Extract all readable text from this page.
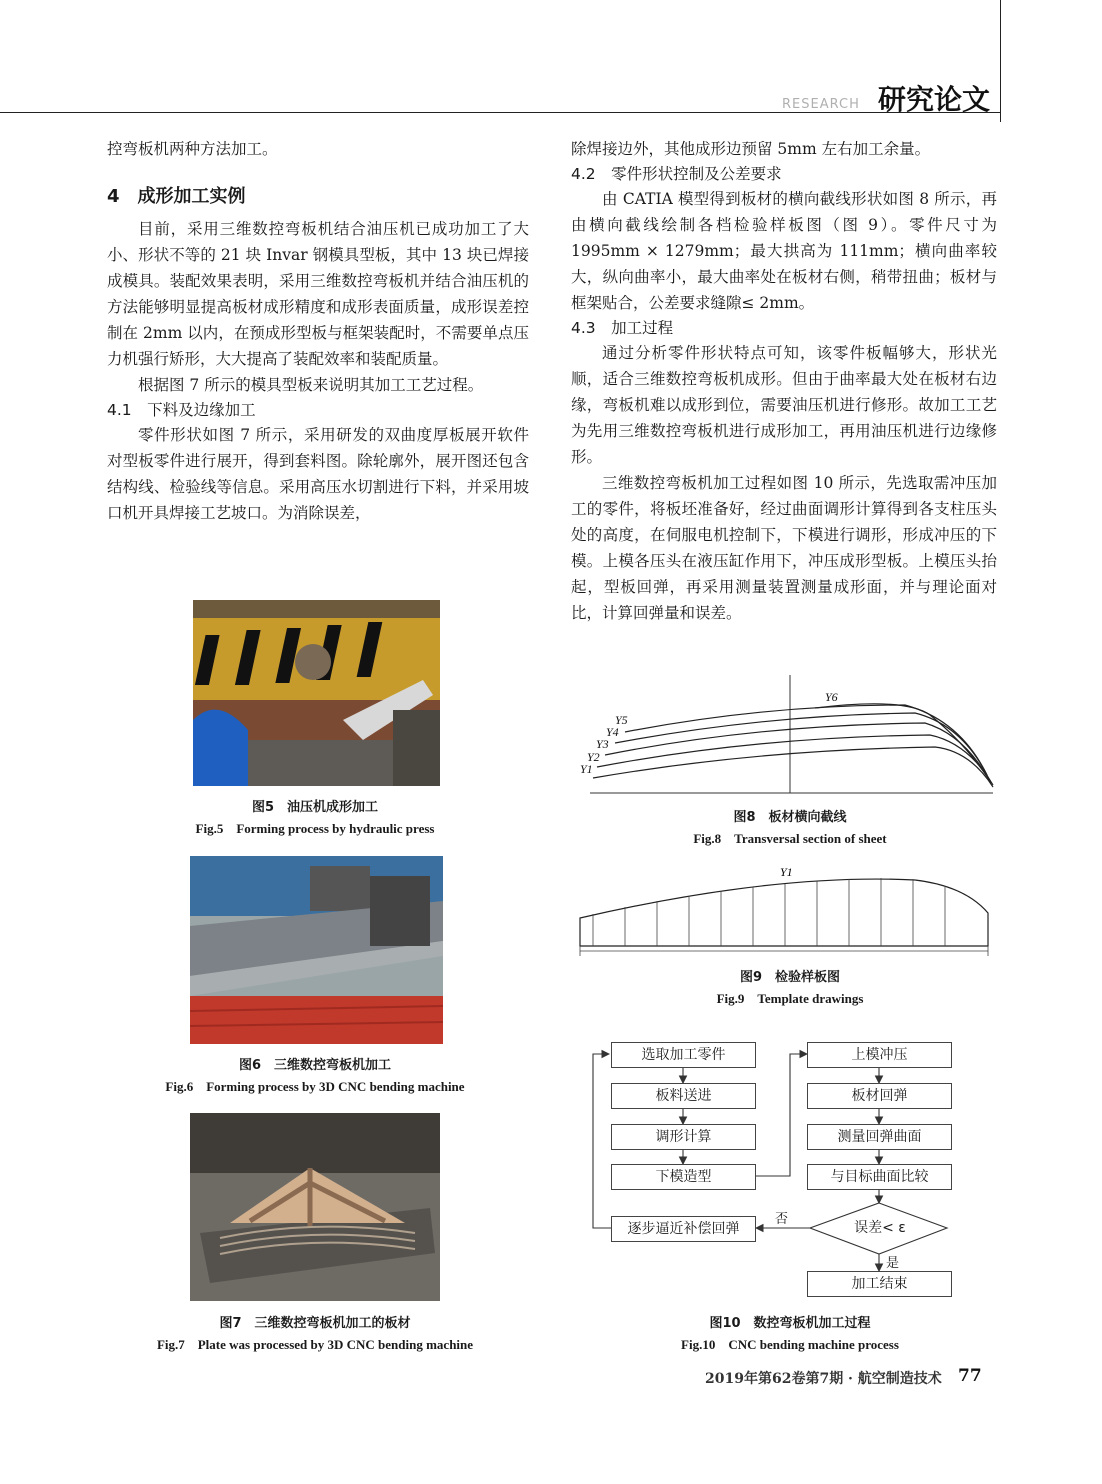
RESEARCH 研究论文

控弯板机两种方法加工。

4　成形加工实例

目前，采用三维数控弯板机结合油压机已成功加工了大小、形状不等的 21 块 Invar 钢模具型板，其中 13 块已焊接成模具。装配效果表明，采用三维数控弯板机并结合油压机的方法能够明显提高板材成形精度和成形表面质量，成形误差控制在 2mm 以内，在预成形型板与框架装配时，不需要单点压力机强行矫形，大大提高了装配效率和装配质量。

根据图 7 所示的模具型板来说明其加工工艺过程。

4.1　下料及边缘加工

零件形状如图 7 所示，采用研发的双曲度厚板展开软件对型板零件进行展开，得到套料图。除轮廓外，展开图还包含结构线、检验线等信息。采用高压水切割进行下料，并采用坡口机开具焊接工艺坡口。为消除误差，

图5　油压机成形加工
Fig.5　Forming process by hydraulic press
图6　三维数控弯板机加工
Fig.6　Forming process by 3D CNC bending machine
图7　三维数控弯板机加工的板材
Fig.7　Plate was processed by 3D CNC bending machine

除焊接边外，其他成形边预留 5mm 左右加工余量。

4.2　零件形状控制及公差要求

由 CATIA 模型得到板材的横向截线形状如图 8 所示，再由横向截线绘制各档检验样板图（图 9）。零件尺寸为 1995mm × 1279mm；最大拱高为 111mm；横向曲率较大，纵向曲率小，最大曲率处在板材右侧，稍带扭曲；板材与框架贴合，公差要求缝隙≤ 2mm。

4.3　加工过程

通过分析零件形状特点可知，该零件板幅够大，形状光顺，适合三维数控弯板机成形。但由于曲率最大处在板材右边缘，弯板机难以成形到位，需要油压机进行修形。故加工工艺为先用三维数控弯板机进行成形加工，再用油压机进行边缘修形。

三维数控弯板机加工过程如图 10 所示，先选取需冲压加工的零件，将板坯准备好，经过曲面调形计算得到各支柱压头处的高度，在伺服电机控制下，下模进行调形，形成冲压的下模。上模各压头在液压缸作用下，冲压成形型板。上模压头抬起，型板回弹，再采用测量装置测量成形面，并与理论面对比，计算回弹量和误差。

Y1
Y2
Y3
Y4
Y5
Y6
图8　板材横向截线
Fig.8　Transversal section of sheet
Y1
图9　检验样板图
Fig.9　Template drawings
选取加工零件
板料送进
调形计算
下模造型
上模冲压
板材回弹
测量回弹曲面
与目标曲面比较
逐步逼近补偿回弹	误差< ε
加工结束
否
是
图10　数控弯板机加工过程
Fig.10　CNC bending machine process
2019年第62卷第7期 · 航空制造技术 77
